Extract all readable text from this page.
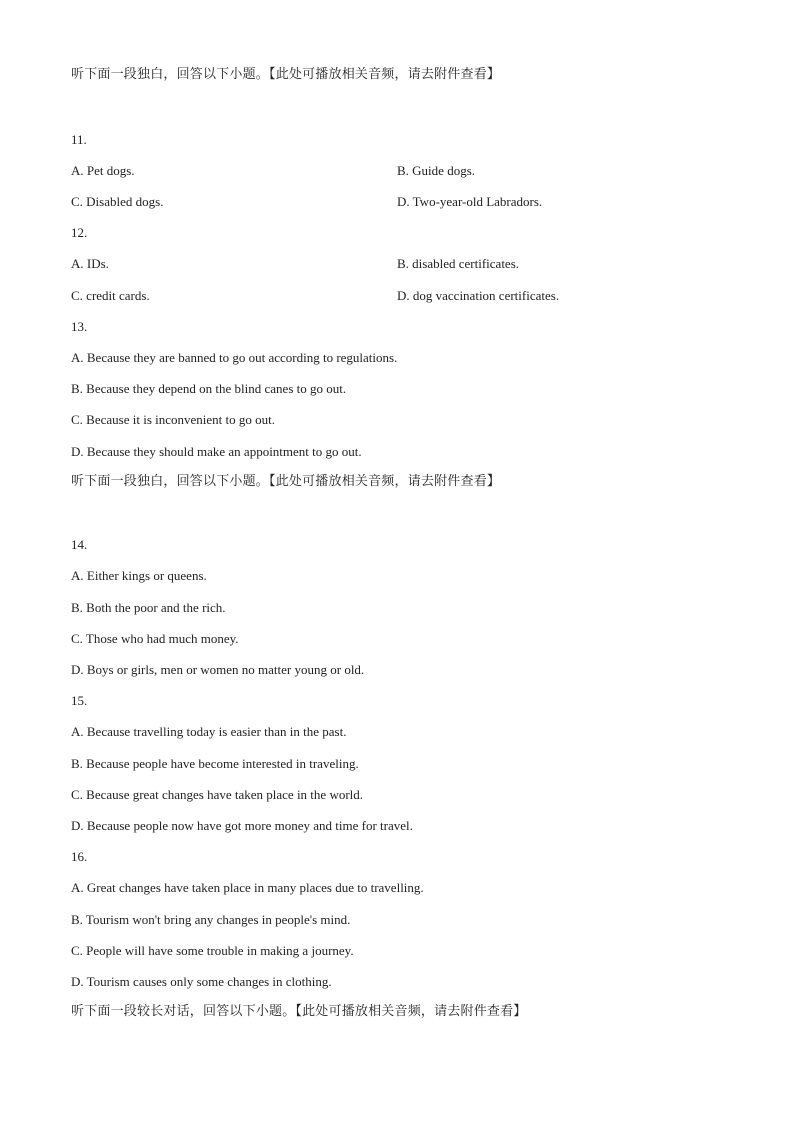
听下面一段独白，回答以下小题。【此处可播放相关音频，请去附件查看】
11.
A. Pet dogs.	B. Guide dogs.
C. Disabled dogs.	D. Two-year-old Labradors.
12.
A. IDs.	B. disabled certificates.
C. credit cards.	D. dog vaccination certificates.
13.
A. Because they are banned to go out according to regulations.
B. Because they depend on the blind canes to go out.
C. Because it is inconvenient to go out.
D. Because they should make an appointment to go out.
听下面一段独白，回答以下小题。【此处可播放相关音频，请去附件查看】
14.
A. Either kings or queens.
B. Both the poor and the rich.
C. Those who had much money.
D. Boys or girls, men or women no matter young or old.
15.
A. Because travelling today is easier than in the past.
B. Because people have become interested in traveling.
C. Because great changes have taken place in the world.
D. Because people now have got more money and time for travel.
16.
A. Great changes have taken place in many places due to travelling.
B. Tourism won't bring any changes in people's mind.
C. People will have some trouble in making a journey.
D. Tourism causes only some changes in clothing.
听下面一段较长对话，回答以下小题。【此处可播放相关音频，请去附件查看】
